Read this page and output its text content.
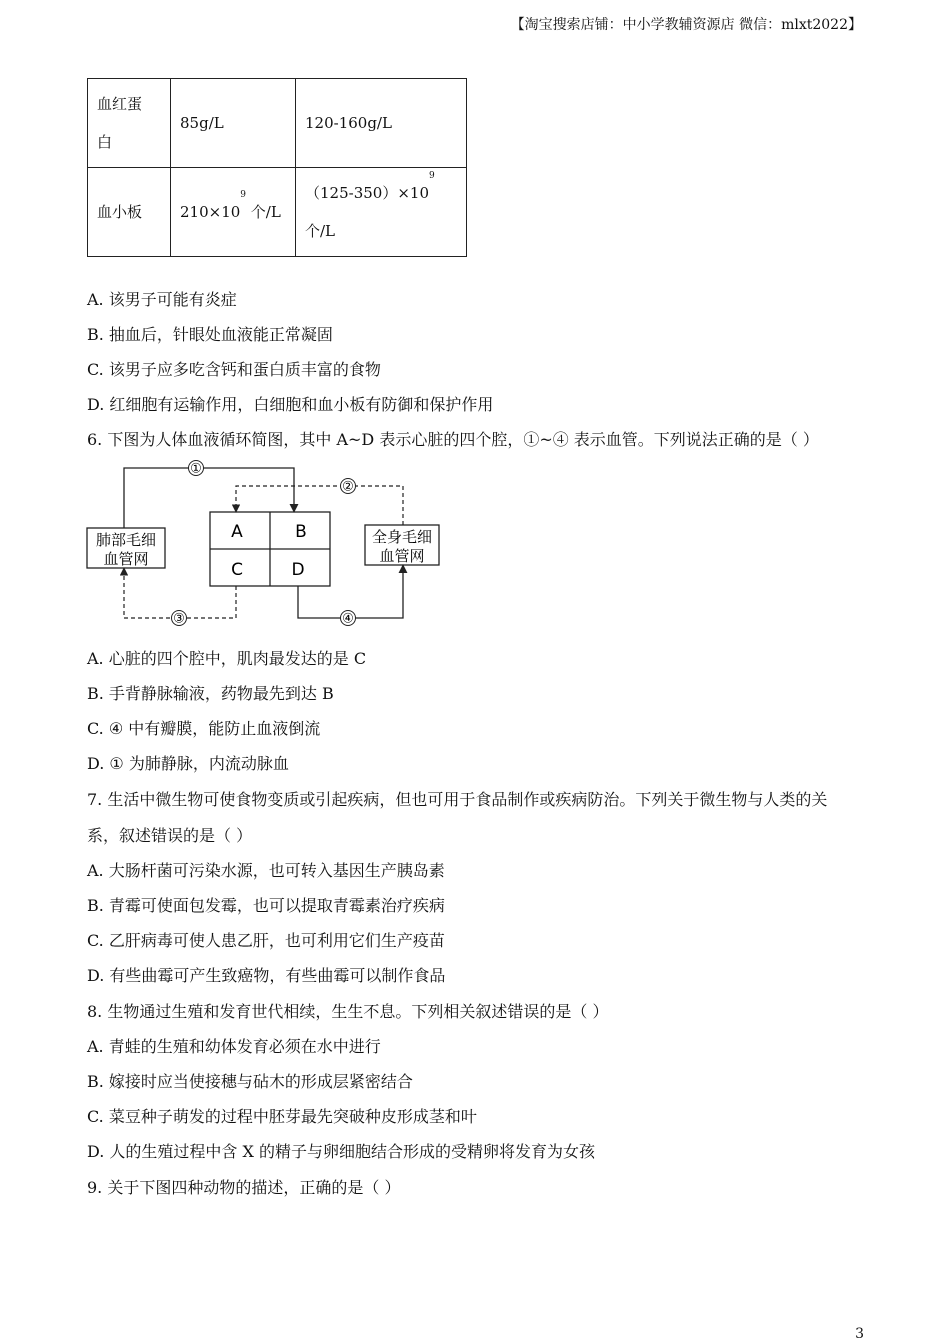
【淘宝搜索店铺：中小学教辅资源店 微信：mlxt2022】
血红蛋
白	85g/L	120-160g/L
血小板	$210\times 10^9$ 个/L	$(125-350)\times 10^9$
个/L
A. 该男子可能有炎症
B. 抽血后，针眼处血液能正常凝固
C. 该男子应多吃含钙和蛋白质丰富的食物
D. 红细胞有运输作用，白细胞和血小板有防御和保护作用
6. 下图为人体血液循环简图，其中 A~D 表示心脏的四个腔，①~④ 表示血管。下列说法正确的是（ ）
肺部毛细
血管网
全身毛细
血管网
A	B
C	D
①
②
③	④
A. 心脏的四个腔中，肌肉最发达的是 C
B. 手背静脉输液，药物最先到达 B
C. ④ 中有瓣膜，能防止血液倒流
D. ① 为肺静脉，内流动脉血
7. 生活中微生物可使食物变质或引起疾病，但也可用于食品制作或疾病防治。下列关于微生物与人类的关
系，叙述错误的是（ ）
A. 大肠杆菌可污染水源，也可转入基因生产胰岛素
B. 青霉可使面包发霉，也可以提取青霉素治疗疾病
C. 乙肝病毒可使人患乙肝，也可利用它们生产疫苗
D. 有些曲霉可产生致癌物，有些曲霉可以制作食品
8. 生物通过生殖和发育世代相续，生生不息。下列相关叙述错误的是（ ）
A. 青蛙的生殖和幼体发育必须在水中进行
B. 嫁接时应当使接穗与砧木的形成层紧密结合
C. 菜豆种子萌发的过程中胚芽最先突破种皮形成茎和叶
D. 人的生殖过程中含 X 的精子与卵细胞结合形成的受精卵将发育为女孩
9. 关于下图四种动物的描述，正确的是（ ）
3
